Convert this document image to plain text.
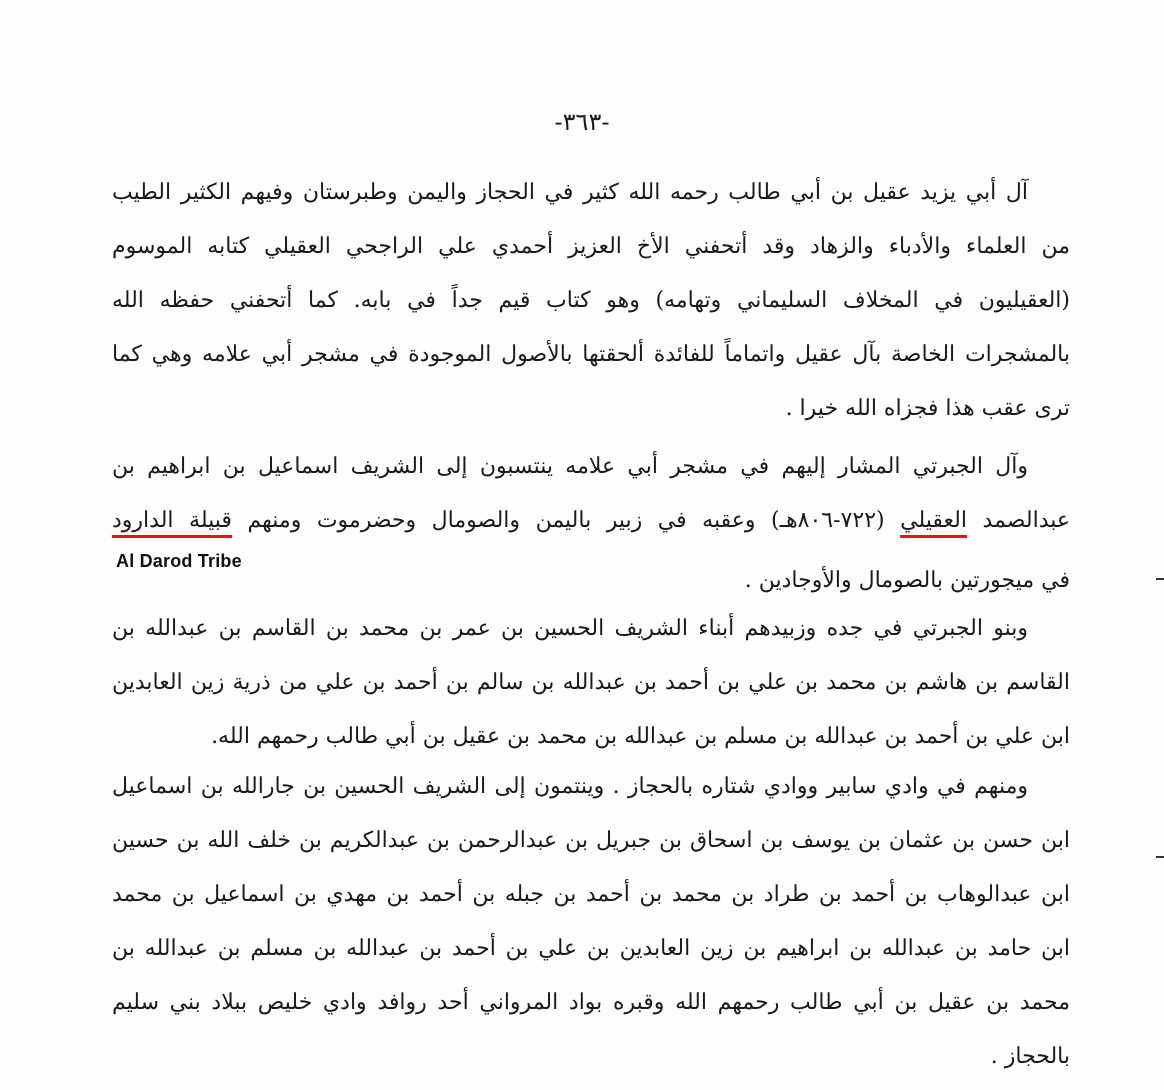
-٣٦٣-
آل أبي يزيد عقيل بن أبي طالب رحمه الله كثير في الحجاز واليمن وطبرستان وفيهم الكثير الطيب
من العلماء والأدباء والزهاد وقد أتحفني الأخ العزيز أحمدي علي الراجحي العقيلي كتابه الموسوم
(العقيليون في المخلاف السليماني وتهامه) وهو كتاب قيم جداً في بابه. كما أتحفني حفظه الله
بالمشجرات الخاصة بآل عقيل واتماماً للفائدة ألحقتها بالأصول الموجودة في مشجر أبي علامه وهي كما
ترى عقب هذا فجزاه الله خيرا .
وآل الجبرتي المشار إليهم في مشجر أبي علامه ينتسبون إلى الشريف اسماعيل بن ابراهيم بن
عبدالصمد العقيلي (٧٢٢-٨٠٦هـ) وعقبه في زبير باليمن والصومال وحضرموت ومنهم قبيلة الدارود
في ميجورتين بالصومال والأوجادين .
Al Darod Tribe
وبنو الجبرتي في جده وزبيدهم أبناء الشريف الحسين بن عمر بن محمد بن القاسم بن عبدالله بن
القاسم بن هاشم بن محمد بن علي بن أحمد بن عبدالله بن سالم بن أحمد بن علي من ذرية زين العابدين
ابن علي بن أحمد بن عبدالله بن مسلم بن عبدالله بن محمد بن عقيل بن أبي طالب رحمهم الله.
ومنهم في وادي سابير ووادي شتاره بالحجاز . وينتمون إلى الشريف الحسين بن جارالله بن اسماعيل
ابن حسن بن عثمان بن يوسف بن اسحاق بن جبريل بن عبدالرحمن بن عبدالكريم بن خلف الله بن حسين
ابن عبدالوهاب بن أحمد بن طراد بن محمد بن أحمد بن جبله بن أحمد بن مهدي بن اسماعيل بن محمد
ابن حامد بن عبدالله بن ابراهيم بن زين العابدين بن علي بن أحمد بن عبدالله بن مسلم بن عبدالله بن
محمد بن عقيل بن أبي طالب رحمهم الله وقبره بواد المرواني أحد روافد وادي خليص ببلاد بني سليم
بالحجاز .
